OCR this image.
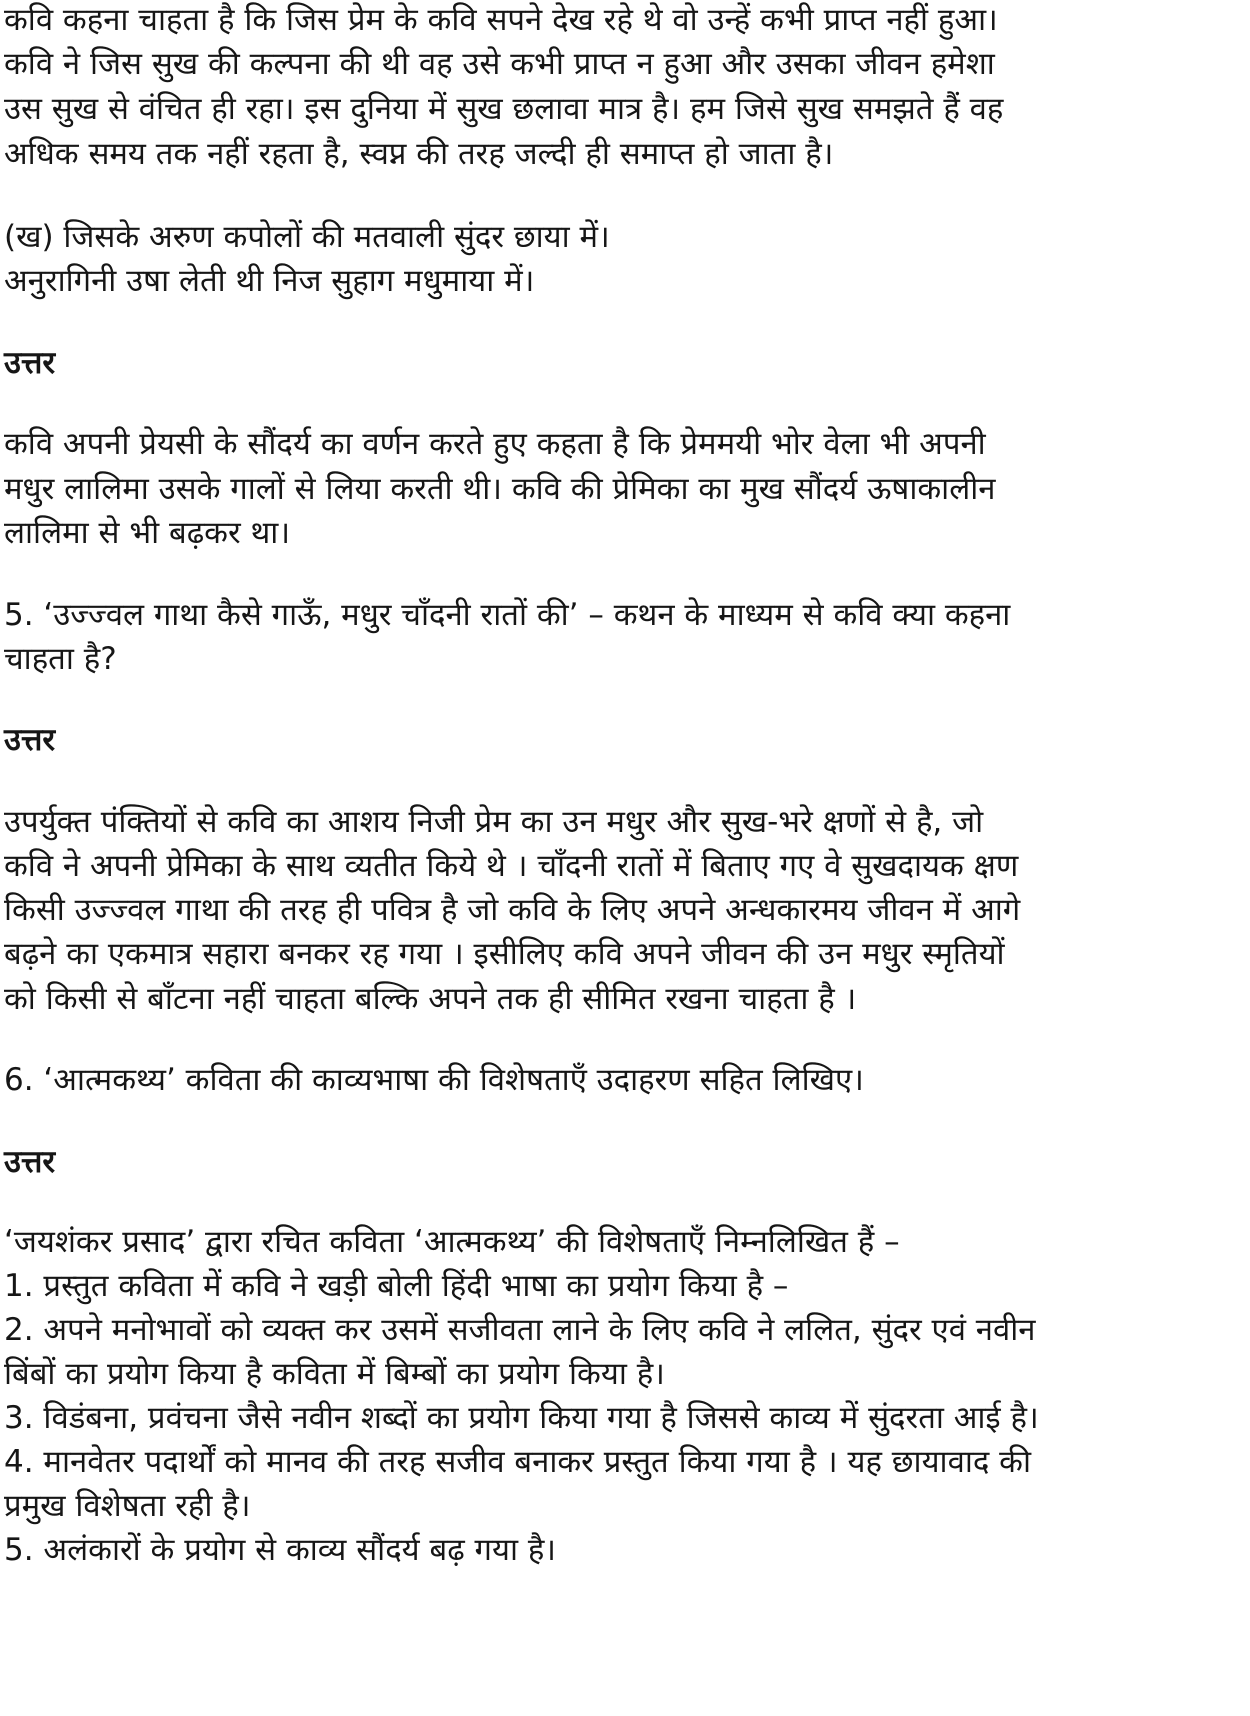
कवि कहना चाहता है कि जिस प्रेम के कवि सपने देख रहे थे वो उन्हें कभी प्राप्त नहीं हुआ।
कवि ने जिस सुख की कल्पना की थी वह उसे कभी प्राप्त न हुआ और उसका जीवन हमेशा
उस सुख से वंचित ही रहा। इस दुनिया में सुख छलावा मात्र है। हम जिसे सुख समझते हैं वह
अधिक समय तक नहीं रहता है, स्वप्न की तरह जल्दी ही समाप्त हो जाता है।
(ख) जिसके अरुण कपोलों की मतवाली सुंदर छाया में।
अनुरागिनी उषा लेती थी निज सुहाग मधुमाया में।
उत्तर
कवि अपनी प्रेयसी के सौंदर्य का वर्णन करते हुए कहता है कि प्रेममयी भोर वेला भी अपनी
मधुर लालिमा उसके गालों से लिया करती थी। कवि की प्रेमिका का मुख सौंदर्य ऊषाकालीन
लालिमा से भी बढ़कर था।
5. ‘उज्ज्वल गाथा कैसे गाऊँ, मधुर चाँदनी रातों की’ – कथन के माध्यम से कवि क्या कहना
चाहता है?
उत्तर
उपर्युक्त पंक्तियों से कवि का आशय निजी प्रेम का उन मधुर और सुख-भरे क्षणों से है, जो
कवि ने अपनी प्रेमिका के साथ व्यतीत किये थे । चाँदनी रातों में बिताए गए वे सुखदायक क्षण
किसी उज्ज्वल गाथा की तरह ही पवित्र है जो कवि के लिए अपने अन्धकारमय जीवन में आगे
बढ़ने का एकमात्र सहारा बनकर रह गया । इसीलिए कवि अपने जीवन की उन मधुर स्मृतियों
को किसी से बाँटना नहीं चाहता बल्कि अपने तक ही सीमित रखना चाहता है ।
6. ‘आत्मकथ्य’ कविता की काव्यभाषा की विशेषताएँ उदाहरण सहित लिखिए।
उत्तर
‘जयशंकर प्रसाद’ द्वारा रचित कविता ‘आत्मकथ्य’ की विशेषताएँ निम्नलिखित हैं –
1. प्रस्तुत कविता में कवि ने खड़ी बोली हिंदी भाषा का प्रयोग किया है –
2. अपने मनोभावों को व्यक्त कर उसमें सजीवता लाने के लिए कवि ने ललित, सुंदर एवं नवीन
बिंबों का प्रयोग किया है कविता में बिम्बों का प्रयोग किया है।
3. विडंबना, प्रवंचना जैसे नवीन शब्दों का प्रयोग किया गया है जिससे काव्य में सुंदरता आई है।
4. मानवेतर पदार्थों को मानव की तरह सजीव बनाकर प्रस्तुत किया गया है । यह छायावाद की
प्रमुख विशेषता रही है।
5. अलंकारों के प्रयोग से काव्य सौंदर्य बढ़ गया है।
